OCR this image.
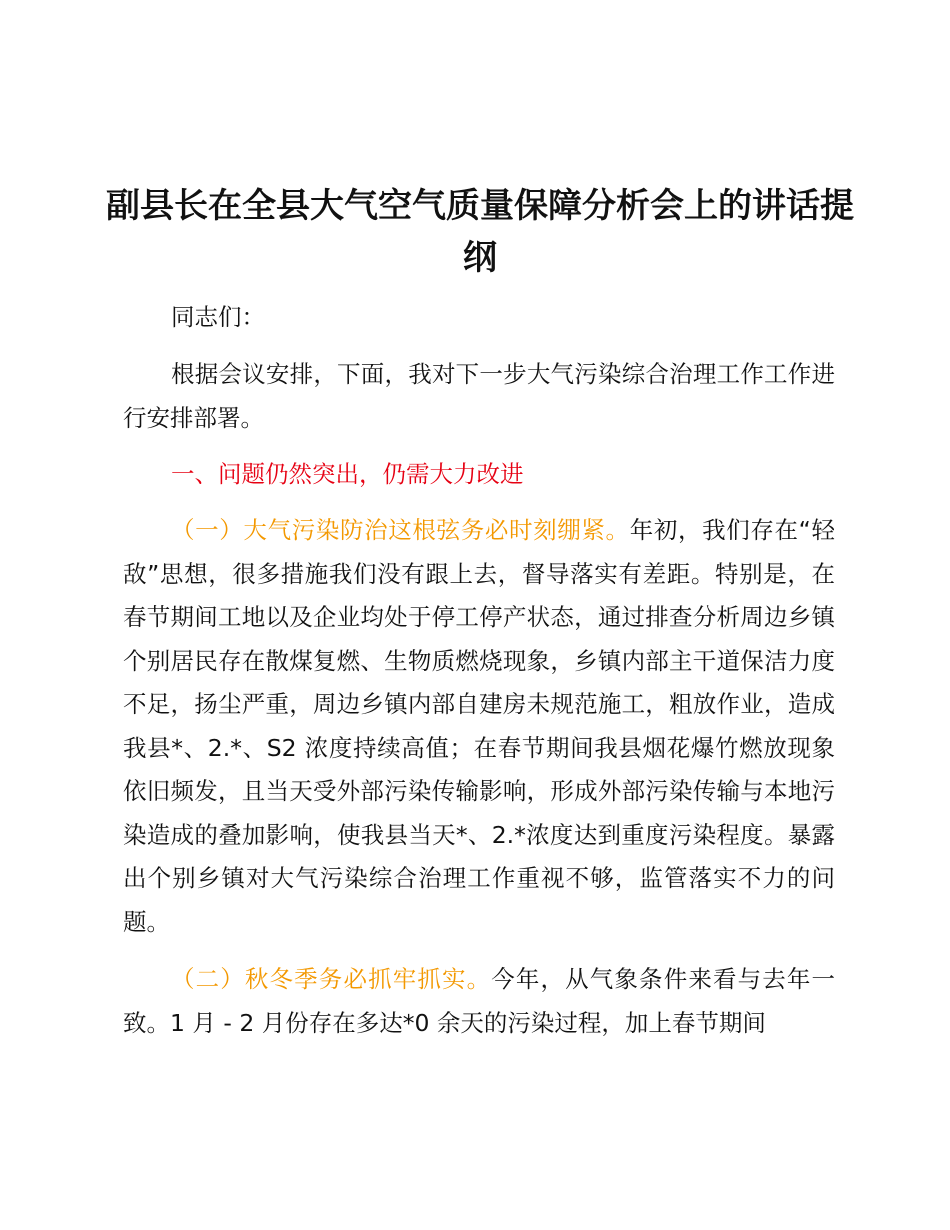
副县长在全县大气空气质量保障分析会上的讲话提纲

同志们：

根据会议安排，下面，我对下一步大气污染综合治理工作工作进行安排部署。

一、问题仍然突出，仍需大力改进

（一）大气污染防治这根弦务必时刻绷紧。年初，我们存在“轻敌”思想，很多措施我们没有跟上去，督导落实有差距。特别是，在春节期间工地以及企业均处于停工停产状态，通过排查分析周边乡镇个别居民存在散煤复燃、生物质燃烧现象，乡镇内部主干道保洁力度不足，扬尘严重，周边乡镇内部自建房未规范施工，粗放作业，造成我县*、2.*、S2 浓度持续高值；在春节期间我县烟花爆竹燃放现象依旧频发，且当天受外部污染传输影响，形成外部污染传输与本地污染造成的叠加影响，使我县当天*、2.*浓度达到重度污染程度。暴露出个别乡镇对大气污染综合治理工作重视不够，监管落实不力的问题。

（二）秋冬季务必抓牢抓实。今年，从气象条件来看与去年一致。1 月 - 2 月份存在多达*0 余天的污染过程，加上春节期间
